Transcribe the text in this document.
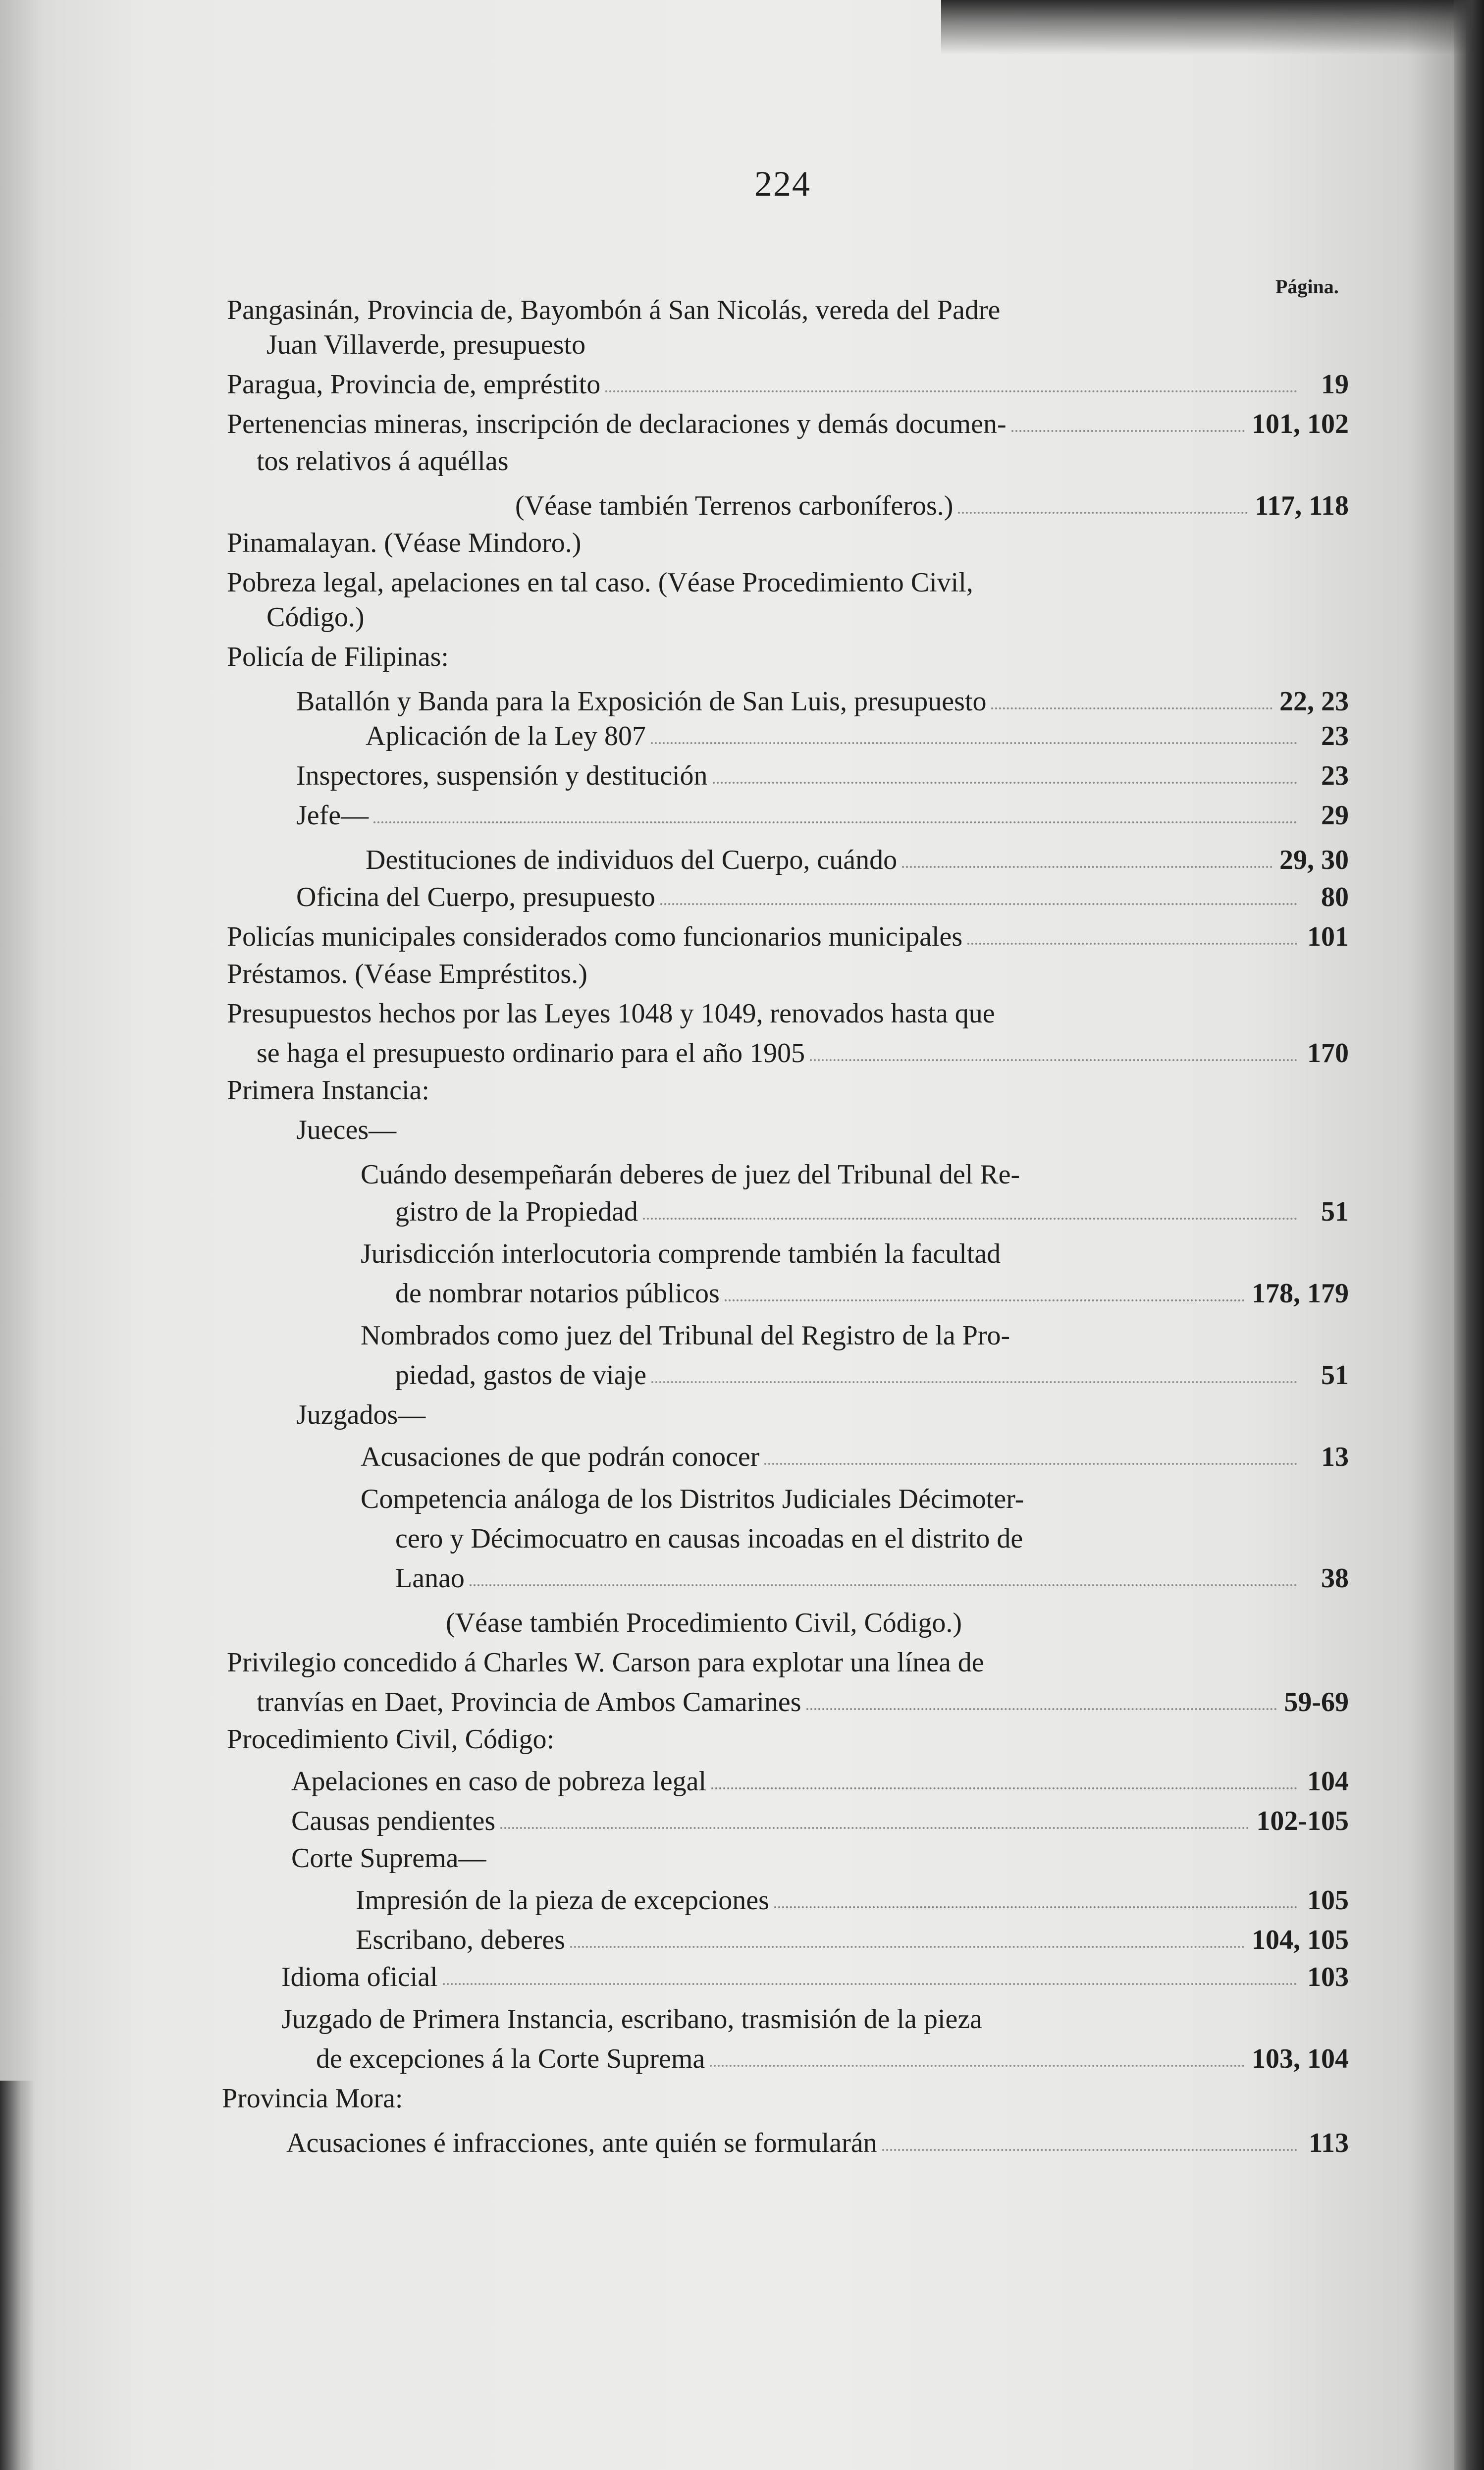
224
Página.
Pangasinán, Provincia de, Bayombón á San Nicolás, vereda del Padre
Juan Villaverde, presupuesto
Paragua, Provincia de, empréstito	19
Pertenencias mineras, inscripción de declaraciones y demás documen-	101, 102
tos relativos á aquéllas
(Véase también Terrenos carboníferos.)	117, 118
Pinamalayan. (Véase Mindoro.)
Pobreza legal, apelaciones en tal caso. (Véase Procedimiento Civil,
Código.)
Policía de Filipinas:
Batallón y Banda para la Exposición de San Luis, presupuesto	22, 23
Aplicación de la Ley 807	23
Inspectores, suspensión y destitución	23
Jefe—	29
Destituciones de individuos del Cuerpo, cuándo	29, 30
Oficina del Cuerpo, presupuesto	80
Policías municipales considerados como funcionarios municipales	101
Préstamos. (Véase Empréstitos.)
Presupuestos hechos por las Leyes 1048 y 1049, renovados hasta que
se haga el presupuesto ordinario para el año 1905	170
Primera Instancia:
Jueces—
Cuándo desempeñarán deberes de juez del Tribunal del Re-
gistro de la Propiedad	51
Jurisdicción interlocutoria comprende también la facultad
de nombrar notarios públicos	178, 179
Nombrados como juez del Tribunal del Registro de la Pro-
piedad, gastos de viaje	51
Juzgados—
Acusaciones de que podrán conocer	13
Competencia análoga de los Distritos Judiciales Décimoter-
cero y Décimocuatro en causas incoadas en el distrito de
Lanao	38
(Véase también Procedimiento Civil, Código.)
Privilegio concedido á Charles W. Carson para explotar una línea de
tranvías en Daet, Provincia de Ambos Camarines	59-69
Procedimiento Civil, Código:
Apelaciones en caso de pobreza legal	104
Causas pendientes	102-105
Corte Suprema—
Impresión de la pieza de excepciones	105
Escribano, deberes	104, 105
Idioma oficial	103
Juzgado de Primera Instancia, escribano, trasmisión de la pieza
de excepciones á la Corte Suprema	103, 104
Provincia Mora:
Acusaciones é infracciones, ante quién se formularán	113
